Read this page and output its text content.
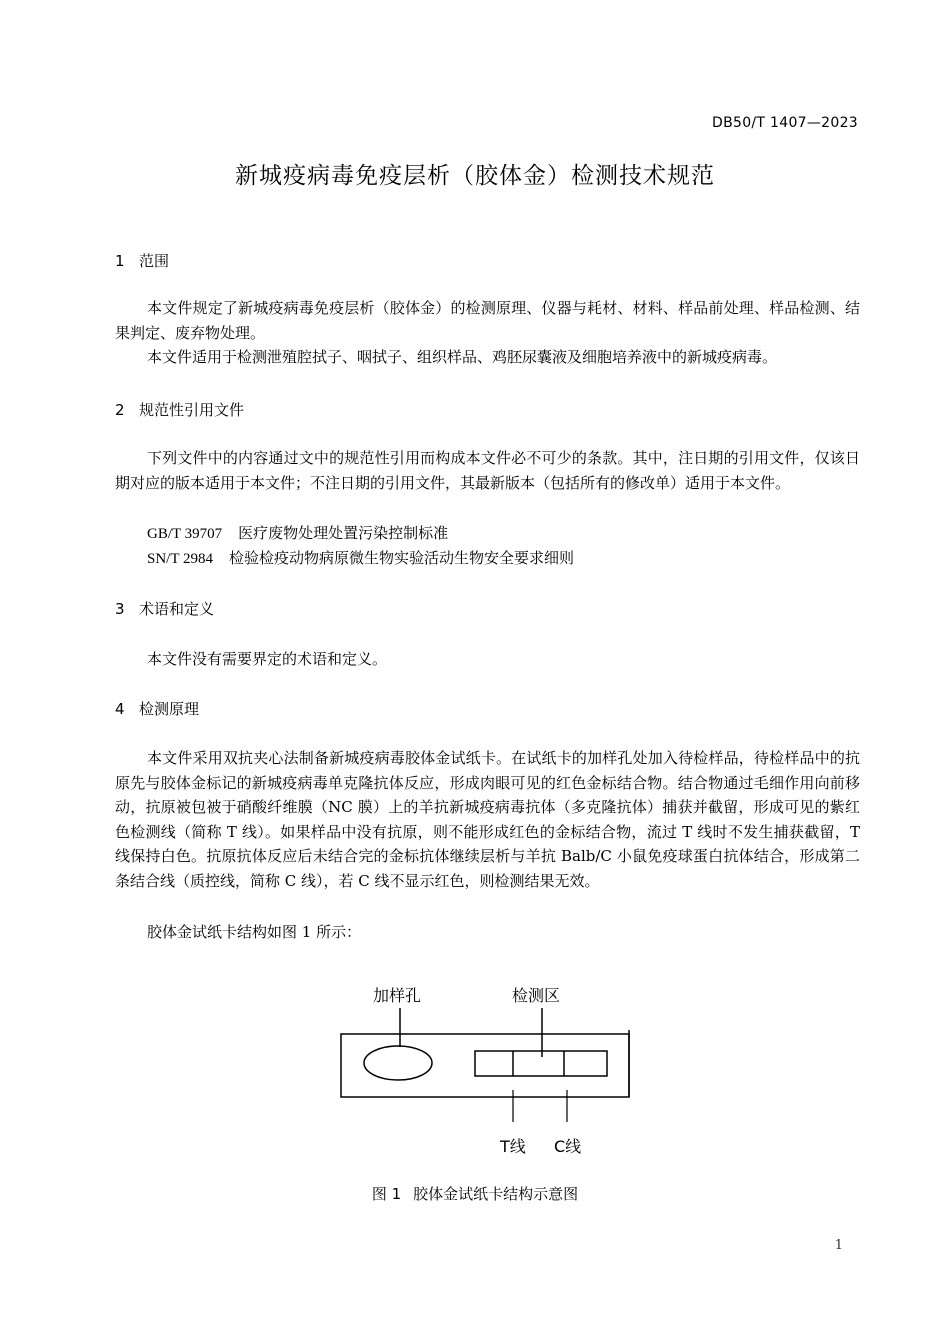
DB50/T 1407—2023
新城疫病毒免疫层析（胶体金）检测技术规范
1 范围
本文件规定了新城疫病毒免疫层析（胶体金）的检测原理、仪器与耗材、材料、样品前处理、样品检测、结果判定、废弃物处理。
本文件适用于检测泄殖腔拭子、咽拭子、组织样品、鸡胚尿囊液及细胞培养液中的新城疫病毒。
2 规范性引用文件
下列文件中的内容通过文中的规范性引用而构成本文件必不可少的条款。其中，注日期的引用文件，仅该日期对应的版本适用于本文件；不注日期的引用文件，其最新版本（包括所有的修改单）适用于本文件。
GB/T 39707 医疗废物处理处置污染控制标准
SN/T 2984 检验检疫动物病原微生物实验活动生物安全要求细则
3 术语和定义
本文件没有需要界定的术语和定义。
4 检测原理
本文件采用双抗夹心法制备新城疫病毒胶体金试纸卡。在试纸卡的加样孔处加入待检样品，待检样品中的抗原先与胶体金标记的新城疫病毒单克隆抗体反应，形成肉眼可见的红色金标结合物。结合物通过毛细作用向前移动，抗原被包被于硝酸纤维膜（NC 膜）上的羊抗新城疫病毒抗体（多克隆抗体）捕获并截留，形成可见的紫红色检测线（简称 T 线）。如果样品中没有抗原，则不能形成红色的金标结合物，流过 T 线时不发生捕获截留，T 线保持白色。抗原抗体反应后未结合完的金标抗体继续层析与羊抗 Balb/C 小鼠免疫球蛋白抗体结合，形成第二条结合线（质控线，简称 C 线），若 C 线不显示红色，则检测结果无效。
胶体金试纸卡结构如图 1 所示：
加样孔	检测区
T线 C线
图 1 胶体金试纸卡结构示意图
1
